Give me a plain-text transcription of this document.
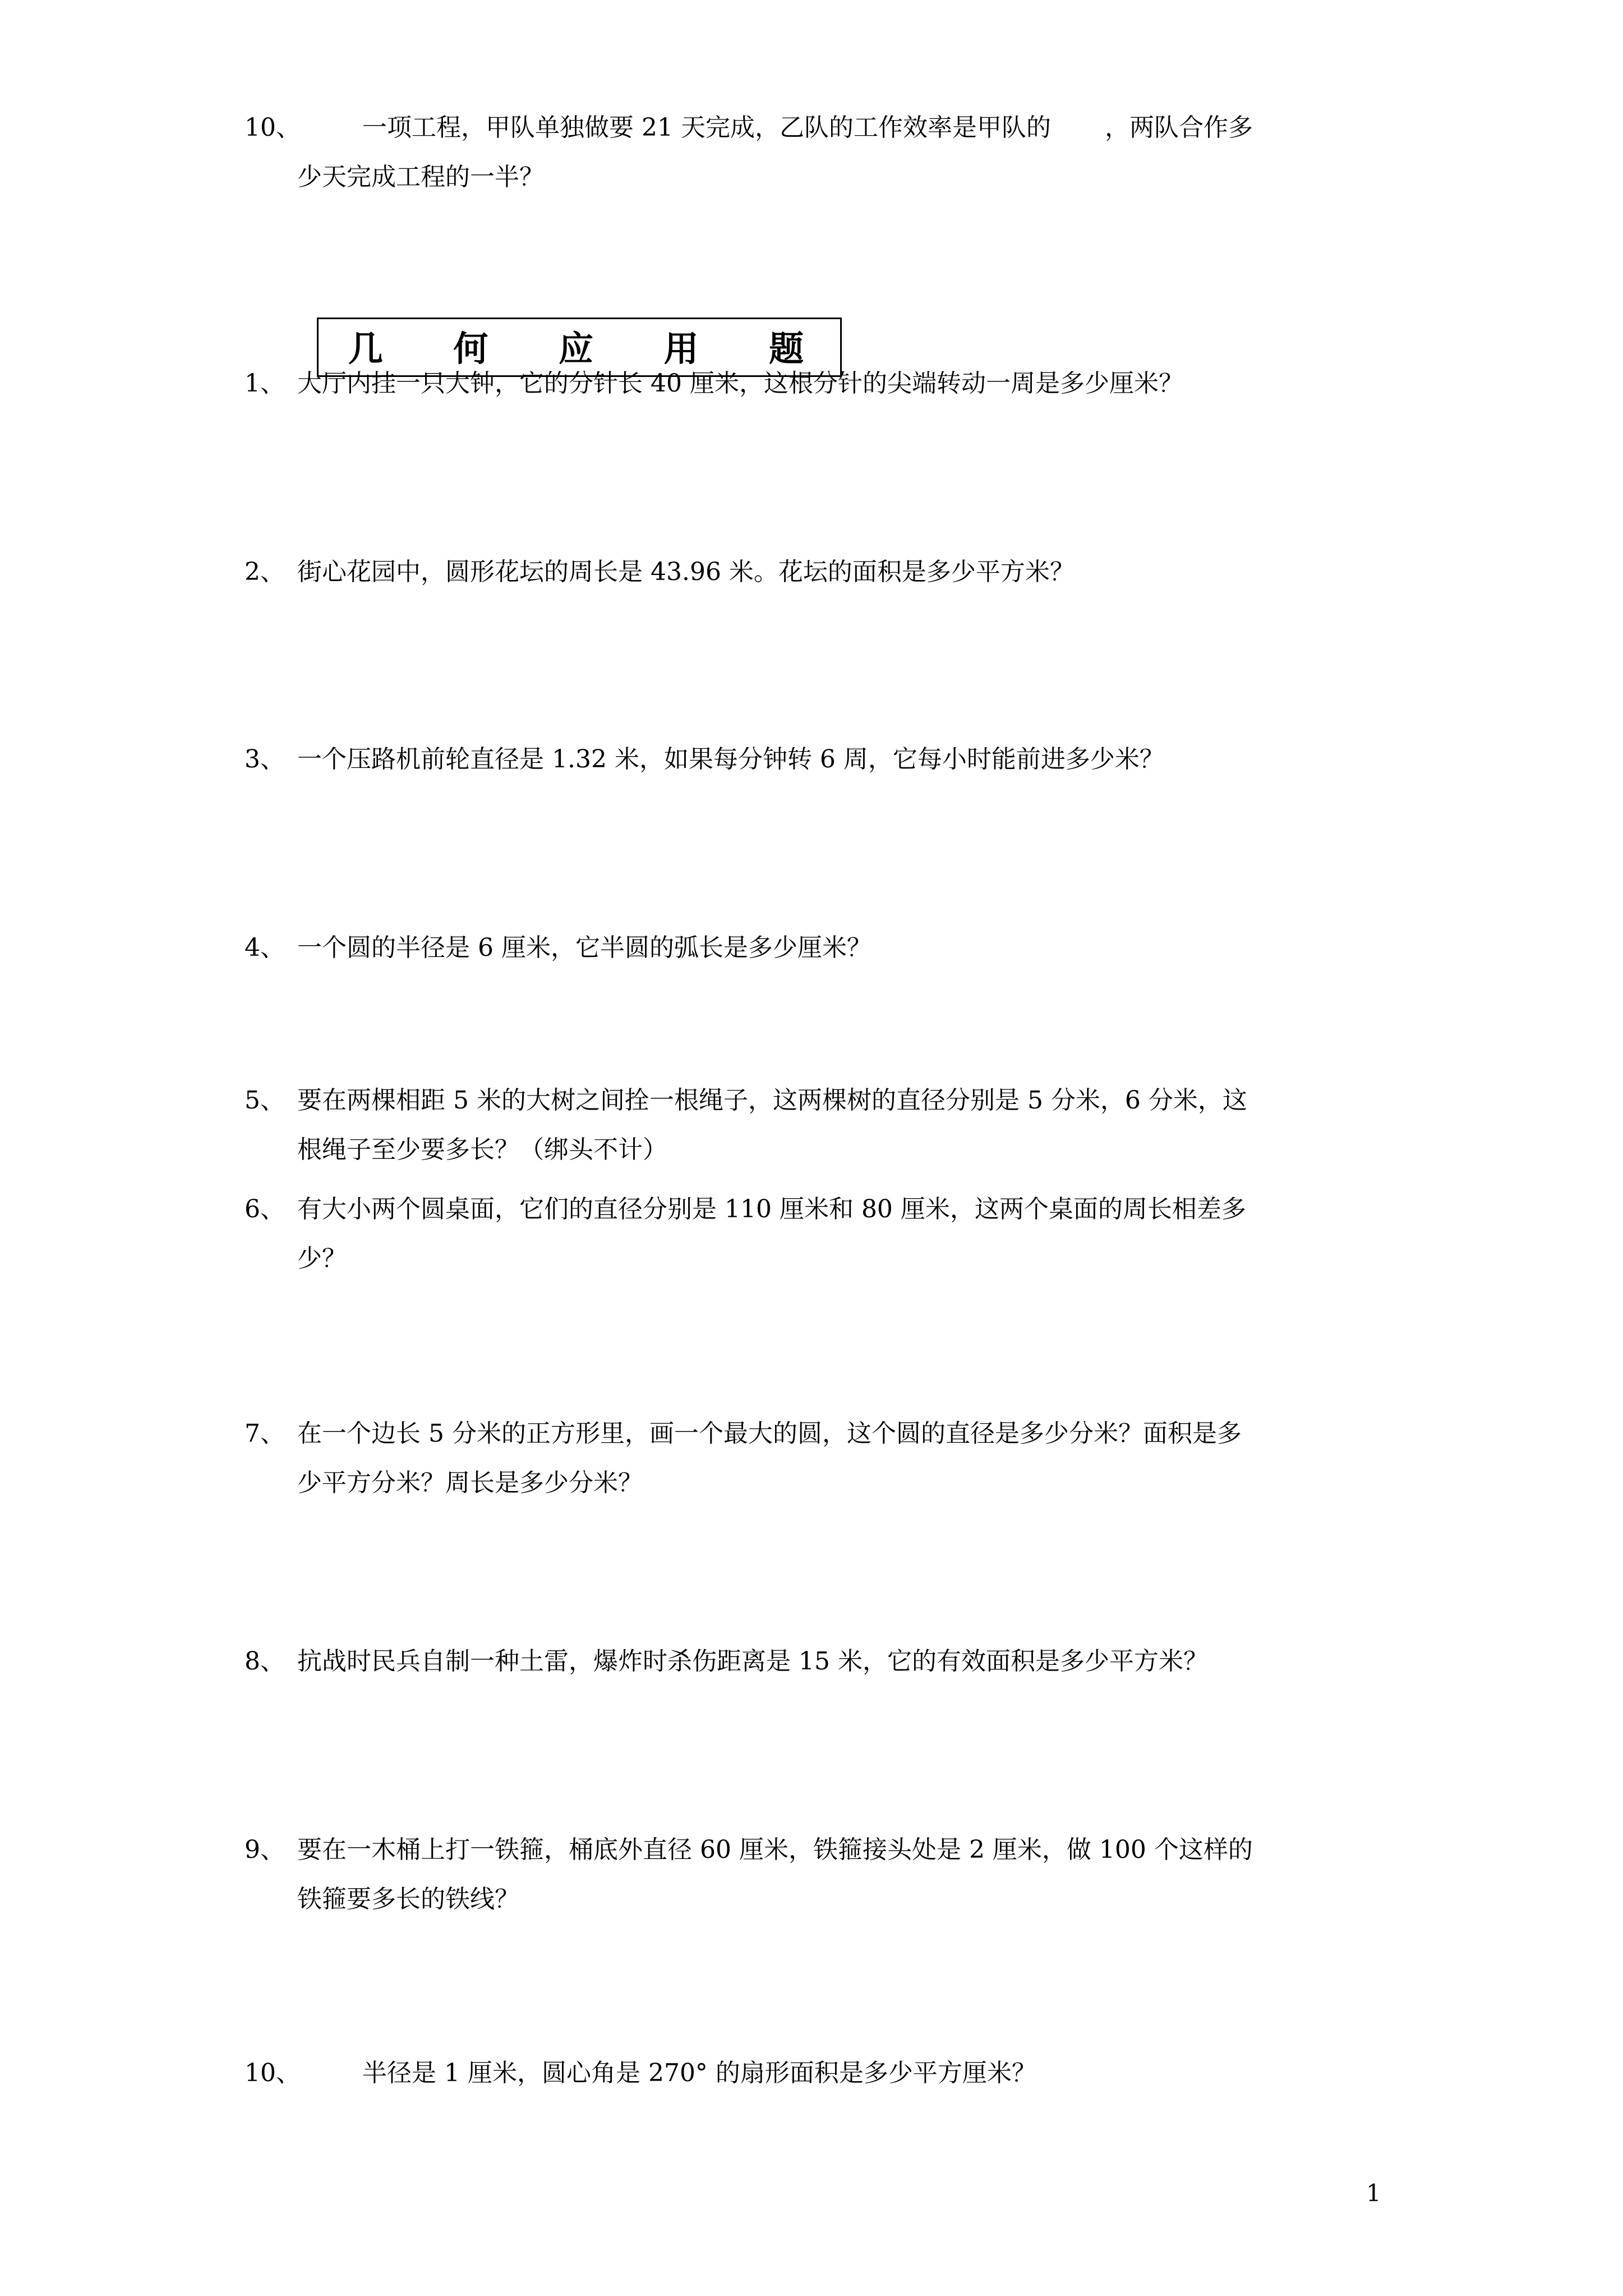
10、	一项工程，甲队单独做要 21 天完成，乙队的工作效率是甲队的 ，两队合作多
少天完成工程的一半？
几 何 应 用 题
1、 大厅内挂一只大钟，它的分针长 40 厘米，这根分针的尖端转动一周是多少厘米？
2、 街心花园中，圆形花坛的周长是 43.96 米。花坛的面积是多少平方米？
3、 一个压路机前轮直径是 1.32 米，如果每分钟转 6 周，它每小时能前进多少米？
4、 一个圆的半径是 6 厘米，它半圆的弧长是多少厘米？
5、 要在两棵相距 5 米的大树之间拴一根绳子，这两棵树的直径分别是 5 分米，6 分米，这
根绳子至少要多长？（绑头不计）
6、 有大小两个圆桌面，它们的直径分别是 110 厘米和 80 厘米，这两个桌面的周长相差多
少？
7、 在一个边长 5 分米的正方形里，画一个最大的圆，这个圆的直径是多少分米？面积是多
少平方分米？周长是多少分米？
8、 抗战时民兵自制一种土雷，爆炸时杀伤距离是 15 米，它的有效面积是多少平方米？
9、 要在一木桶上打一铁箍，桶底外直径 60 厘米，铁箍接头处是 2 厘米，做 100 个这样的
铁箍要多长的铁线？
10、	半径是 1 厘米，圆心角是 270° 的扇形面积是多少平方厘米？
1
